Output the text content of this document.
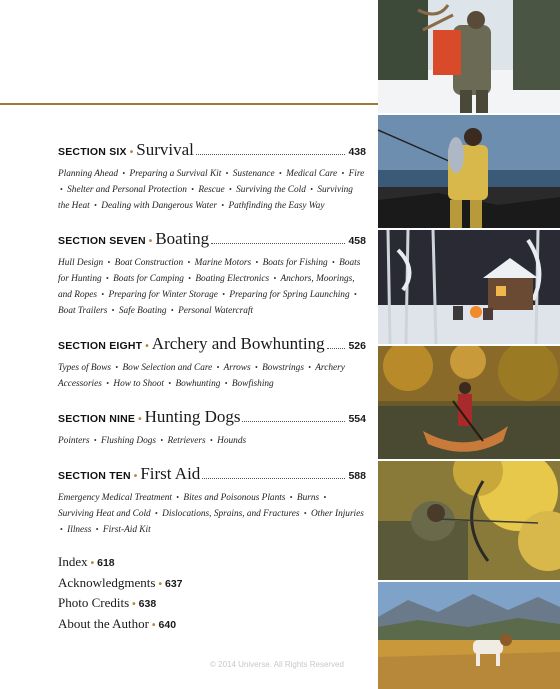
SECTION SIX • Survival	438
Planning Ahead • Preparing a Survival Kit • Sustenance • Medical Care • Fire • Shelter and Personal Protection • Rescue • Surviving the Cold • Surviving the Heat • Dealing with Dangerous Water • Pathfinding the Easy Way
SECTION SEVEN • Boating	458
Hull Design • Boat Construction • Marine Motors • Boats for Fishing • Boats for Hunting • Boats for Camping • Boating Electronics • Anchors, Moorings, and Ropes • Preparing for Winter Storage • Preparing for Spring Launching • Boat Trailers • Safe Boating • Personal Watercraft
SECTION EIGHT • Archery and Bowhunting 526
Types of Bows • Bow Selection and Care • Arrows • Bowstrings • Archery Accessories • How to Shoot • Bowhunting • Bowfishing
SECTION NINE • Hunting Dogs	554
Pointers • Flushing Dogs • Retrievers • Hounds
SECTION TEN • First Aid	588
Emergency Medical Treatment • Bites and Poisonous Plants • Burns • Surviving Heat and Cold • Dislocations, Sprains, and Fractures • Other Injuries • Illness • First-Aid Kit
Index • 618
Acknowledgments • 637
Photo Credits • 638
About the Author • 640
© 2014 Universe. All Rights Reserved
